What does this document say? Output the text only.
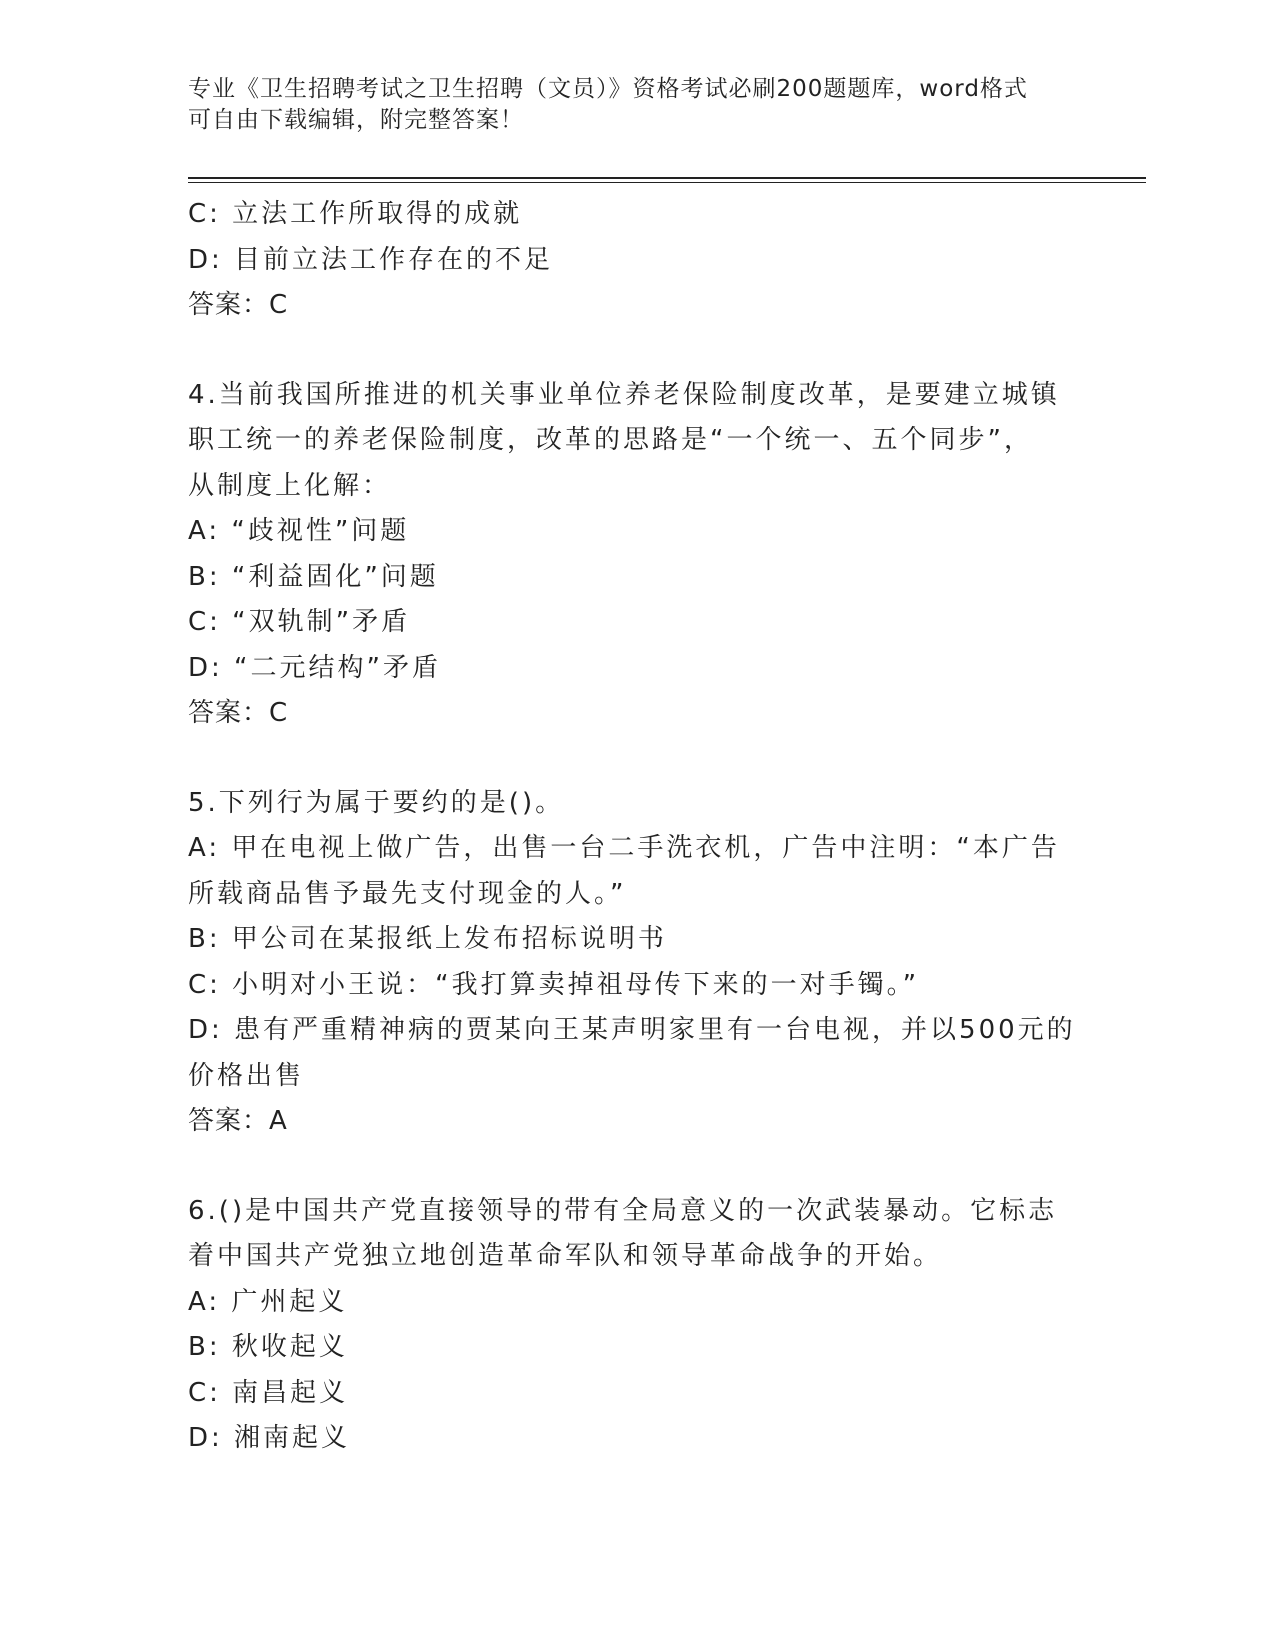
专业《卫生招聘考试之卫生招聘（文员）》资格考试必刷200题题库，word格式
可自由下载编辑，附完整答案！
C: 立法工作所取得的成就
D: 目前立法工作存在的不足
答案：C
4.当前我国所推进的机关事业单位养老保险制度改革，是要建立城镇
职工统一的养老保险制度，改革的思路是“一个统一、五个同步”，
从制度上化解：
A: “歧视性”问题
B: “利益固化”问题
C: “双轨制”矛盾
D: “二元结构”矛盾
答案：C
5.下列行为属于要约的是()。
A: 甲在电视上做广告，出售一台二手洗衣机，广告中注明：“本广告
所载商品售予最先支付现金的人。”
B: 甲公司在某报纸上发布招标说明书
C: 小明对小王说：“我打算卖掉祖母传下来的一对手镯。”
D: 患有严重精神病的贾某向王某声明家里有一台电视，并以500元的
价格出售
答案：A
6.()是中国共产党直接领导的带有全局意义的一次武装暴动。它标志
着中国共产党独立地创造革命军队和领导革命战争的开始。
A: 广州起义
B: 秋收起义
C: 南昌起义
D: 湘南起义
